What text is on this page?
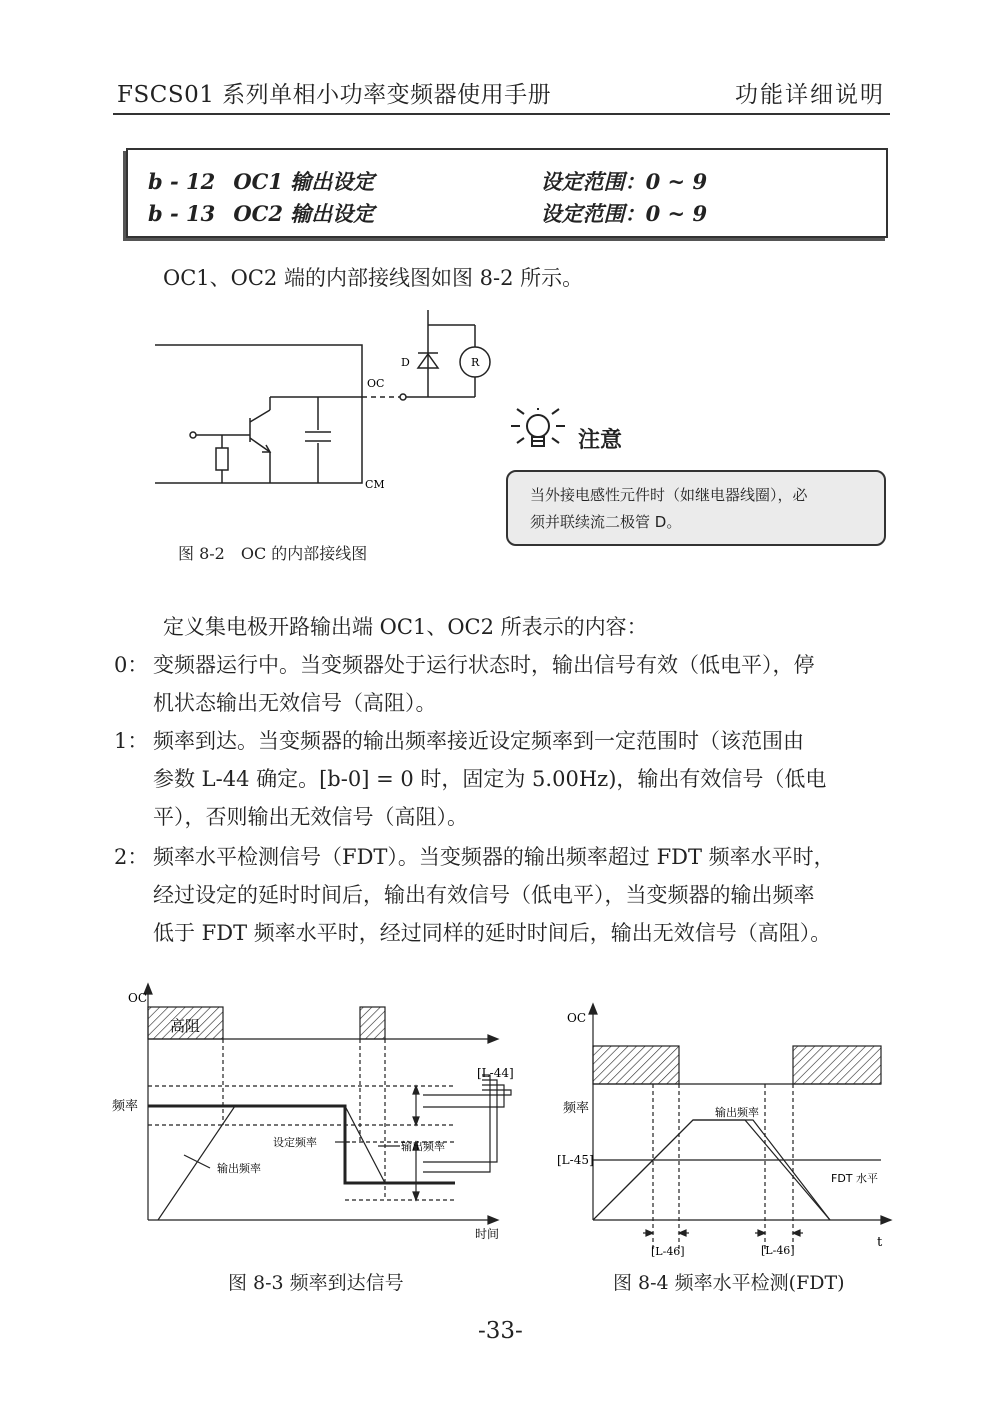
FSCS01 系列单相小功率变频器使用手册	功能详细说明
b - 12 OC1 输出设定	设定范围：0 ~ 9
b - 13 OC2 输出设定	设定范围：0 ~ 9
OC1、OC2 端的内部接线图如图 8-2 所示。
D	R
OC
CM
图 8-2　OC 的内部接线图
注意
当外接电感性元件时（如继电器线圈），必
须并联续流二极管 D。
定义集电极开路输出端 OC1、OC2 所表示的内容：
0： 变频器运行中。当变频器处于运行状态时，输出信号有效（低电平），停
机状态输出无效信号（高阻）。
1： 频率到达。当变频器的输出频率接近设定频率到一定范围时（该范围由
参数 L-44 确定。[b-0] = 0 时，固定为 5.00Hz)，输出有效信号（低电
平），否则输出无效信号（高阻）。
2： 频率水平检测信号（FDT）。当变频器的输出频率超过 FDT 频率水平时，
经过设定的延时时间后，输出有效信号（低电平），当变频器的输出频率
低于 FDT 频率水平时，经过同样的延时时间后，输出无效信号（高阻）。
OC
高阻
频率
[L-44]
设定频率	输出频率
输出频率
时间
图 8-3 频率到达信号
OC
频率	输出频率
[L-45]
FDT 水平
[L-46]	[L-46]
t
图 8-4 频率水平检测(FDT)
-33-
